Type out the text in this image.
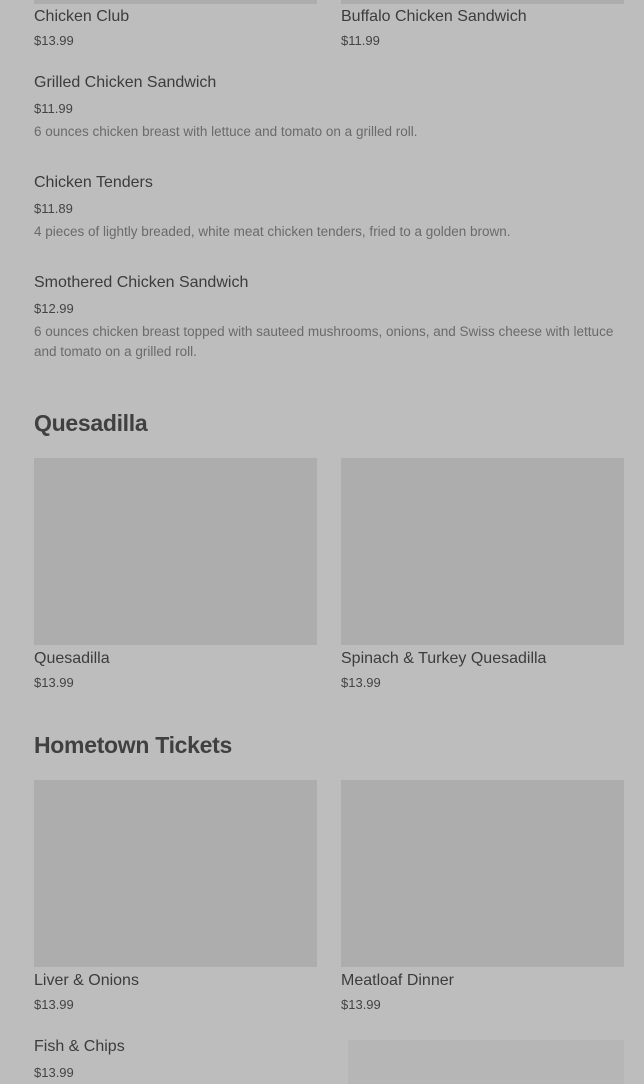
Chicken Club
$13.99
Buffalo Chicken Sandwich
$11.99
Grilled Chicken Sandwich
$11.99
6 ounces chicken breast with lettuce and tomato on a grilled roll.
Chicken Tenders
$11.89
4 pieces of lightly breaded, white meat chicken tenders, fried to a golden brown.
Smothered Chicken Sandwich
$12.99
6 ounces chicken breast topped with sauteed mushrooms, onions, and Swiss cheese with lettuce and tomato on a grilled roll.
Quesadilla
Quesadilla
$13.99
Spinach & Turkey Quesadilla
$13.99
Hometown Tickets
Liver & Onions
$13.99
Meatloaf Dinner
$13.99
Fish & Chips
$13.99
